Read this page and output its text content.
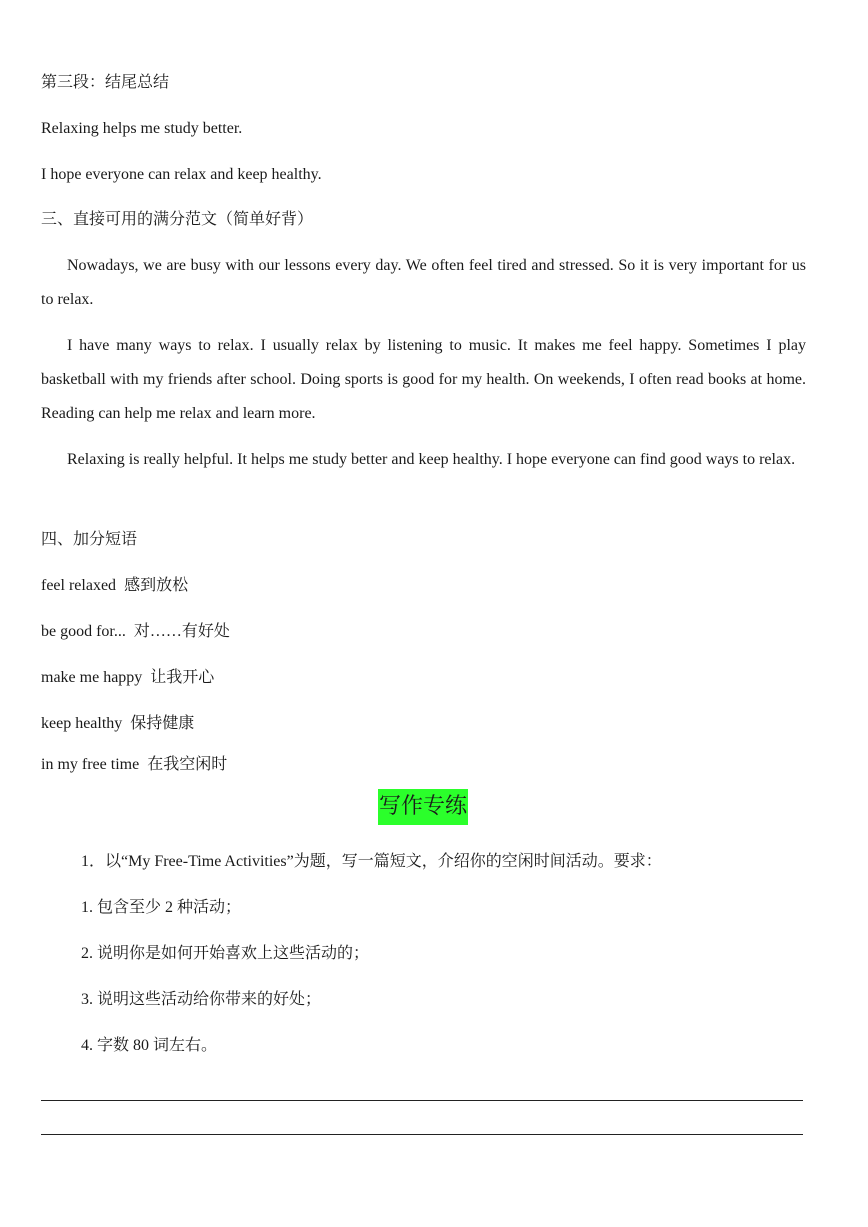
第三段：结尾总结
Relaxing helps me study better.
I hope everyone can relax and keep healthy.
三、直接可用的满分范文（简单好背）

Nowadays, we are busy with our lessons every day. We often feel tired and stressed. So it is very important for us to relax.

I have many ways to relax. I usually relax by listening to music. It makes me feel happy. Sometimes I play basketball with my friends after school. Doing sports is good for my health. On weekends, I often read books at home. Reading can help me relax and learn more.

Relaxing is really helpful. It helps me study better and keep healthy. I hope everyone can find good ways to relax.

四、加分短语
feel relaxed 感到放松
be good for... 对……有好处
make me happy 让我开心
keep healthy 保持健康
in my free time 在我空闲时
写作专练
1．以“My Free-Time Activities”为题，写一篇短文，介绍你的空闲时间活动。要求：
1. 包含至少 2 种活动；
2. 说明你是如何开始喜欢上这些活动的；
3. 说明这些活动给你带来的好处；
4. 字数 80 词左右。
